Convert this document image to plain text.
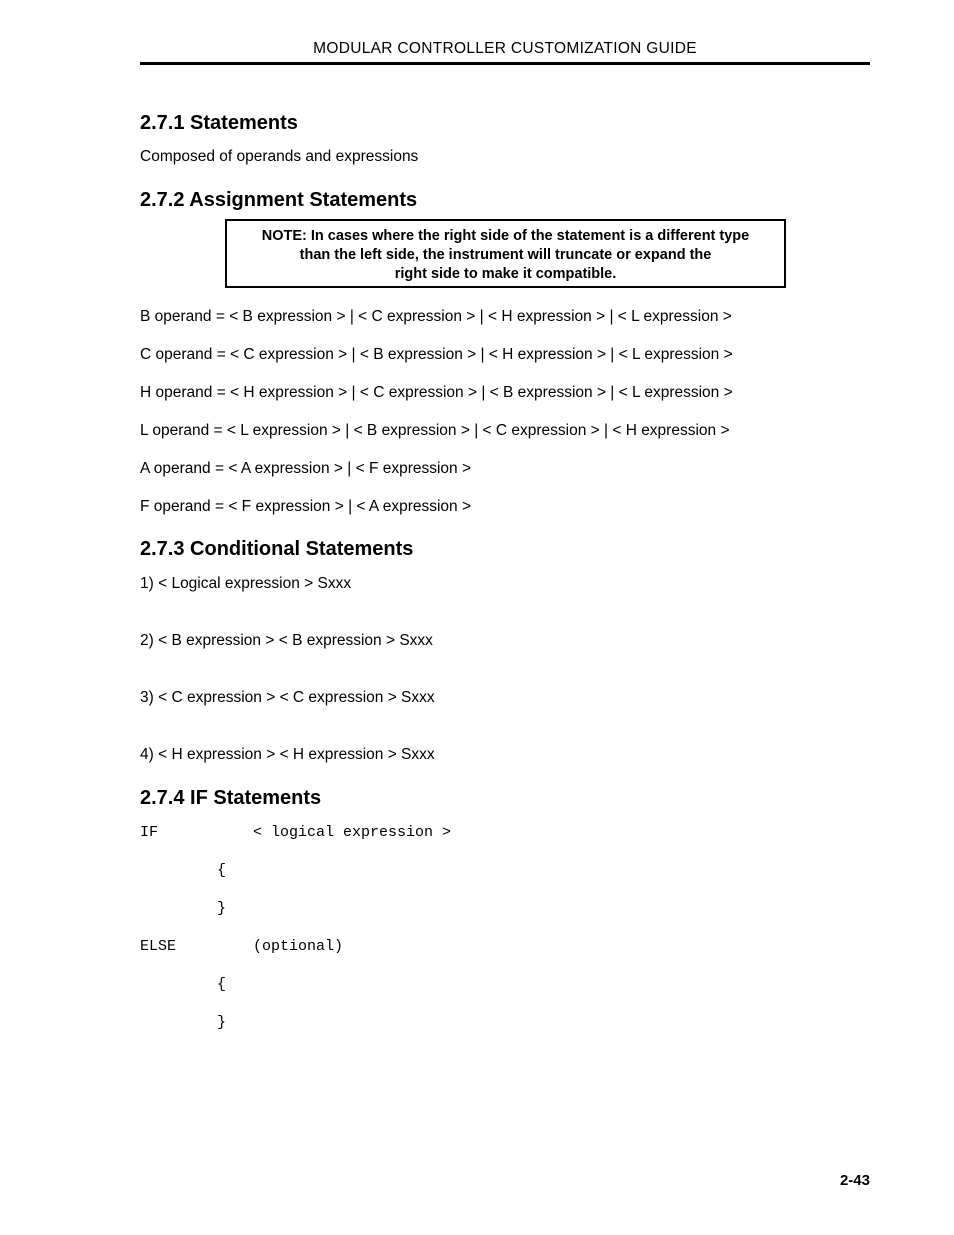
MODULAR CONTROLLER CUSTOMIZATION GUIDE
2.7.1 Statements

Composed of operands and expressions

2.7.2 Assignment Statements
NOTE: In cases where the right side of the statement is a different type
than the left side, the instrument will truncate or expand the
right side to make it compatible.

B operand = < B expression > | < C expression > | < H expression > | < L expression >

C operand = < C expression > | < B expression > | < H expression > | < L expression >

H operand = < H expression > | < C expression > | < B expression > | < L expression >

L operand = < L expression > | < B expression > | < C expression > | < H expression >

A operand = < A expression > | < F expression >

F operand = < F expression > | < A expression >

2.7.3 Conditional Statements

1) < Logical expression > Sxxx

2) < B expression > < B expression > Sxxx

3) < C expression > < C expression > Sxxx

4) < H expression > < H expression > Sxxx

2.7.4 IF Statements

IF	< logical expression >

{

}

ELSE	(optional)

{

}

2-43
